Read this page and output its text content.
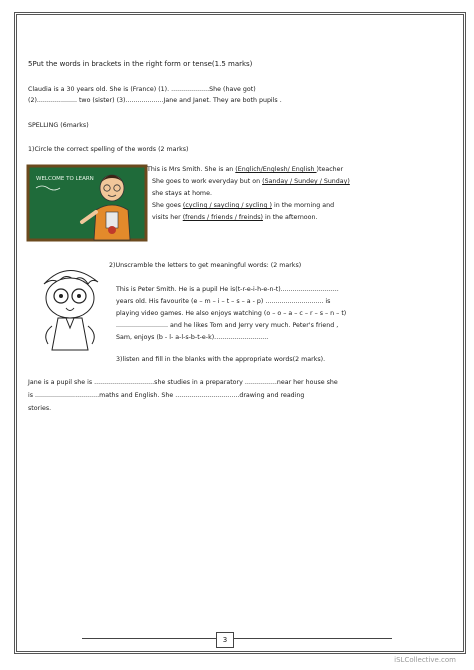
5Put the words in brackets in the right form or tense(1.5 marks)
Claudia is a 30 years old. She is (France) (1). ...................She (have got)
(2).................... two (sister) (3)...................Jane and Janet. They are both pupils .
SPELLING (6marks)
1)Circle the correct spelling of the words (2 marks)
WELCOME TO LEARN
This is Mrs Smith. She is an (Englich/Englesh/ English )teacher
She goes to work everyday but on (Sanday / Sundey / Sunday)
she stays at home.
She goes (cycling / saycling / sycling ) in the morning and
visits her (frends / friends / freinds) in the afternoon.
2)Unscramble the letters to get meaningful words: (2 marks)
This is Peter Smith. He is a pupil He is(t-r-e-i-h-e-n-t).............................
years old. His favourite (e – m – i – t – s – a - p) ............................. is
playing video games. He also enjoys watching (o – o – a – c – r – s – n – t)
.......................... and he likes Tom and Jerry very much. Peter's friend ,
Sam, enjoys (b - l- a-l-s-b-t-e-k)...........................
3)listen and fill in the blanks with the appropriate words(2 marks).
Jane is a pupil she is ..............................she studies in a preparatory ................near her house she
is ................................maths and English. She ................................drawing and reading
stories.
3
iSLCollective.com
